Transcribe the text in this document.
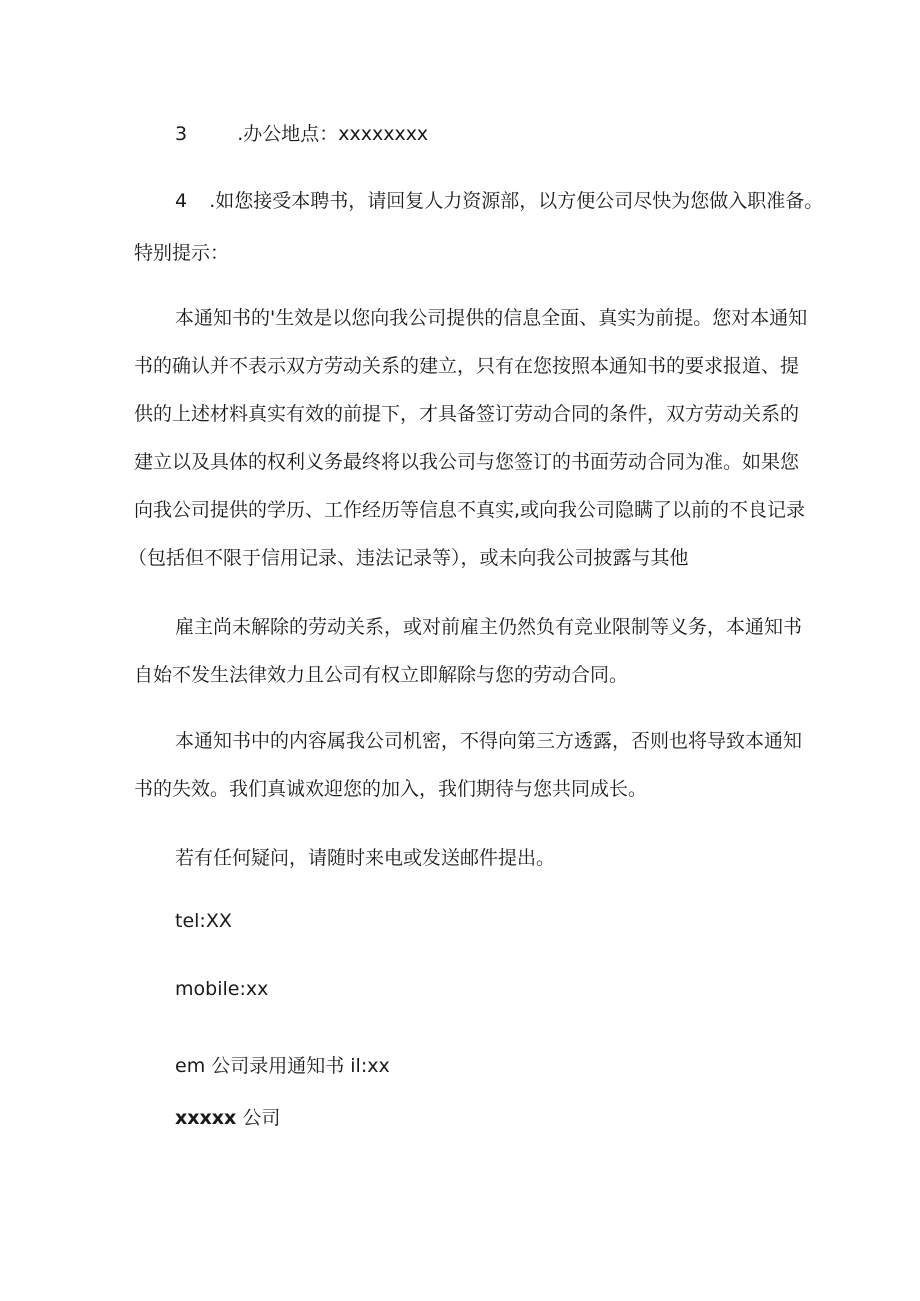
3	.办公地点：xxxxxxxx
4 .如您接受本聘书，请回复人力资源部，以方便公司尽快为您做入职准备。
特别提示：
本通知书的'生效是以您向我公司提供的信息全面、真实为前提。您对本通知
书的确认并不表示双方劳动关系的建立，只有在您按照本通知书的要求报道、提
供的上述材料真实有效的前提下，才具备签订劳动合同的条件，双方劳动关系的
建立以及具体的权利义务最终将以我公司与您签订的书面劳动合同为准。如果您
向我公司提供的学历、工作经历等信息不真实,或向我公司隐瞒了以前的不良记录
（包括但不限于信用记录、违法记录等），或未向我公司披露与其他
雇主尚未解除的劳动关系，或对前雇主仍然负有竞业限制等义务，本通知书
自始不发生法律效力且公司有权立即解除与您的劳动合同。
本通知书中的内容属我公司机密，不得向第三方透露，否则也将导致本通知
书的失效。我们真诚欢迎您的加入，我们期待与您共同成长。
若有任何疑问，请随时来电或发送邮件提出。
tel:XX
mobile:xx
em 公司录用通知书 il:xx
xxxxx 公司
